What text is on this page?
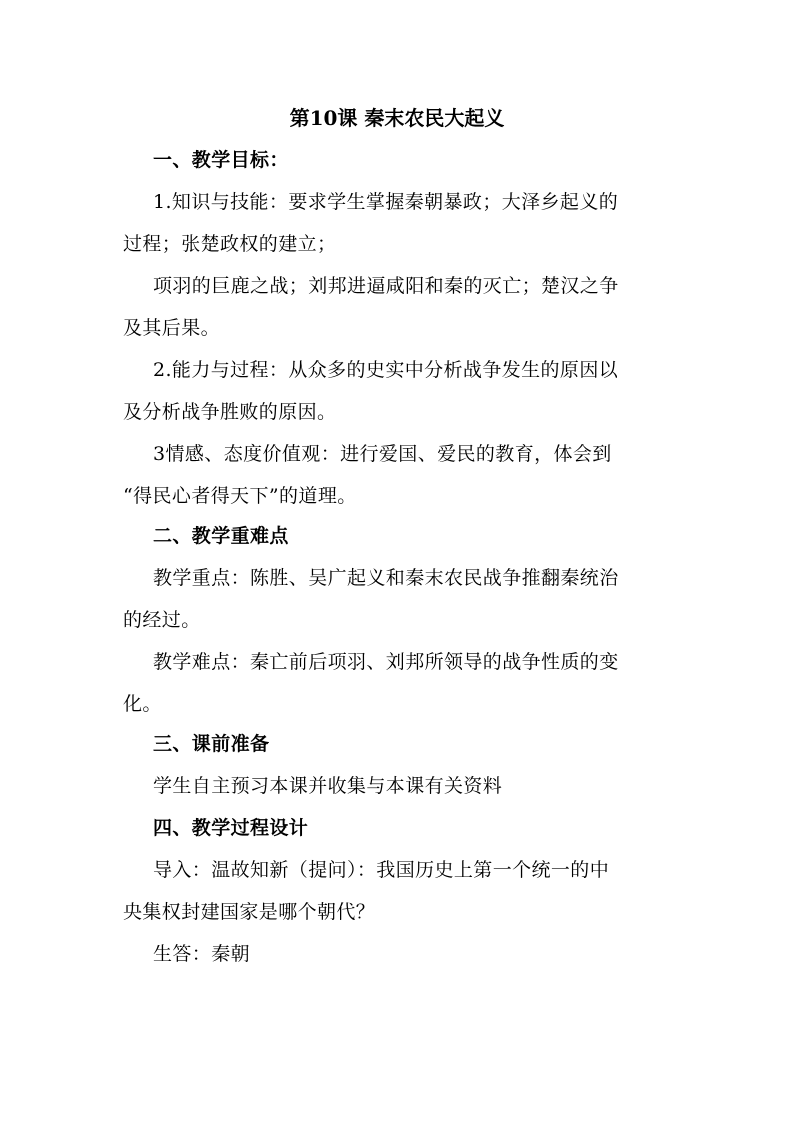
第10课 秦末农民大起义
一、教学目标：
1.知识与技能：要求学生掌握秦朝暴政；大泽乡起义的
过程；张楚政权的建立；
项羽的巨鹿之战；刘邦进逼咸阳和秦的灭亡；楚汉之争
及其后果。
2.能力与过程：从众多的史实中分析战争发生的原因以
及分析战争胜败的原因。
3情感、态度价值观：进行爱国、爱民的教育，体会到
“得民心者得天下”的道理。
二、教学重难点
教学重点：陈胜、吴广起义和秦末农民战争推翻秦统治
的经过。
教学难点：秦亡前后项羽、刘邦所领导的战争性质的变
化。
三、课前准备
学生自主预习本课并收集与本课有关资料
四、教学过程设计
导入：温故知新（提问）：我国历史上第一个统一的中
央集权封建国家是哪个朝代？
生答：秦朝
